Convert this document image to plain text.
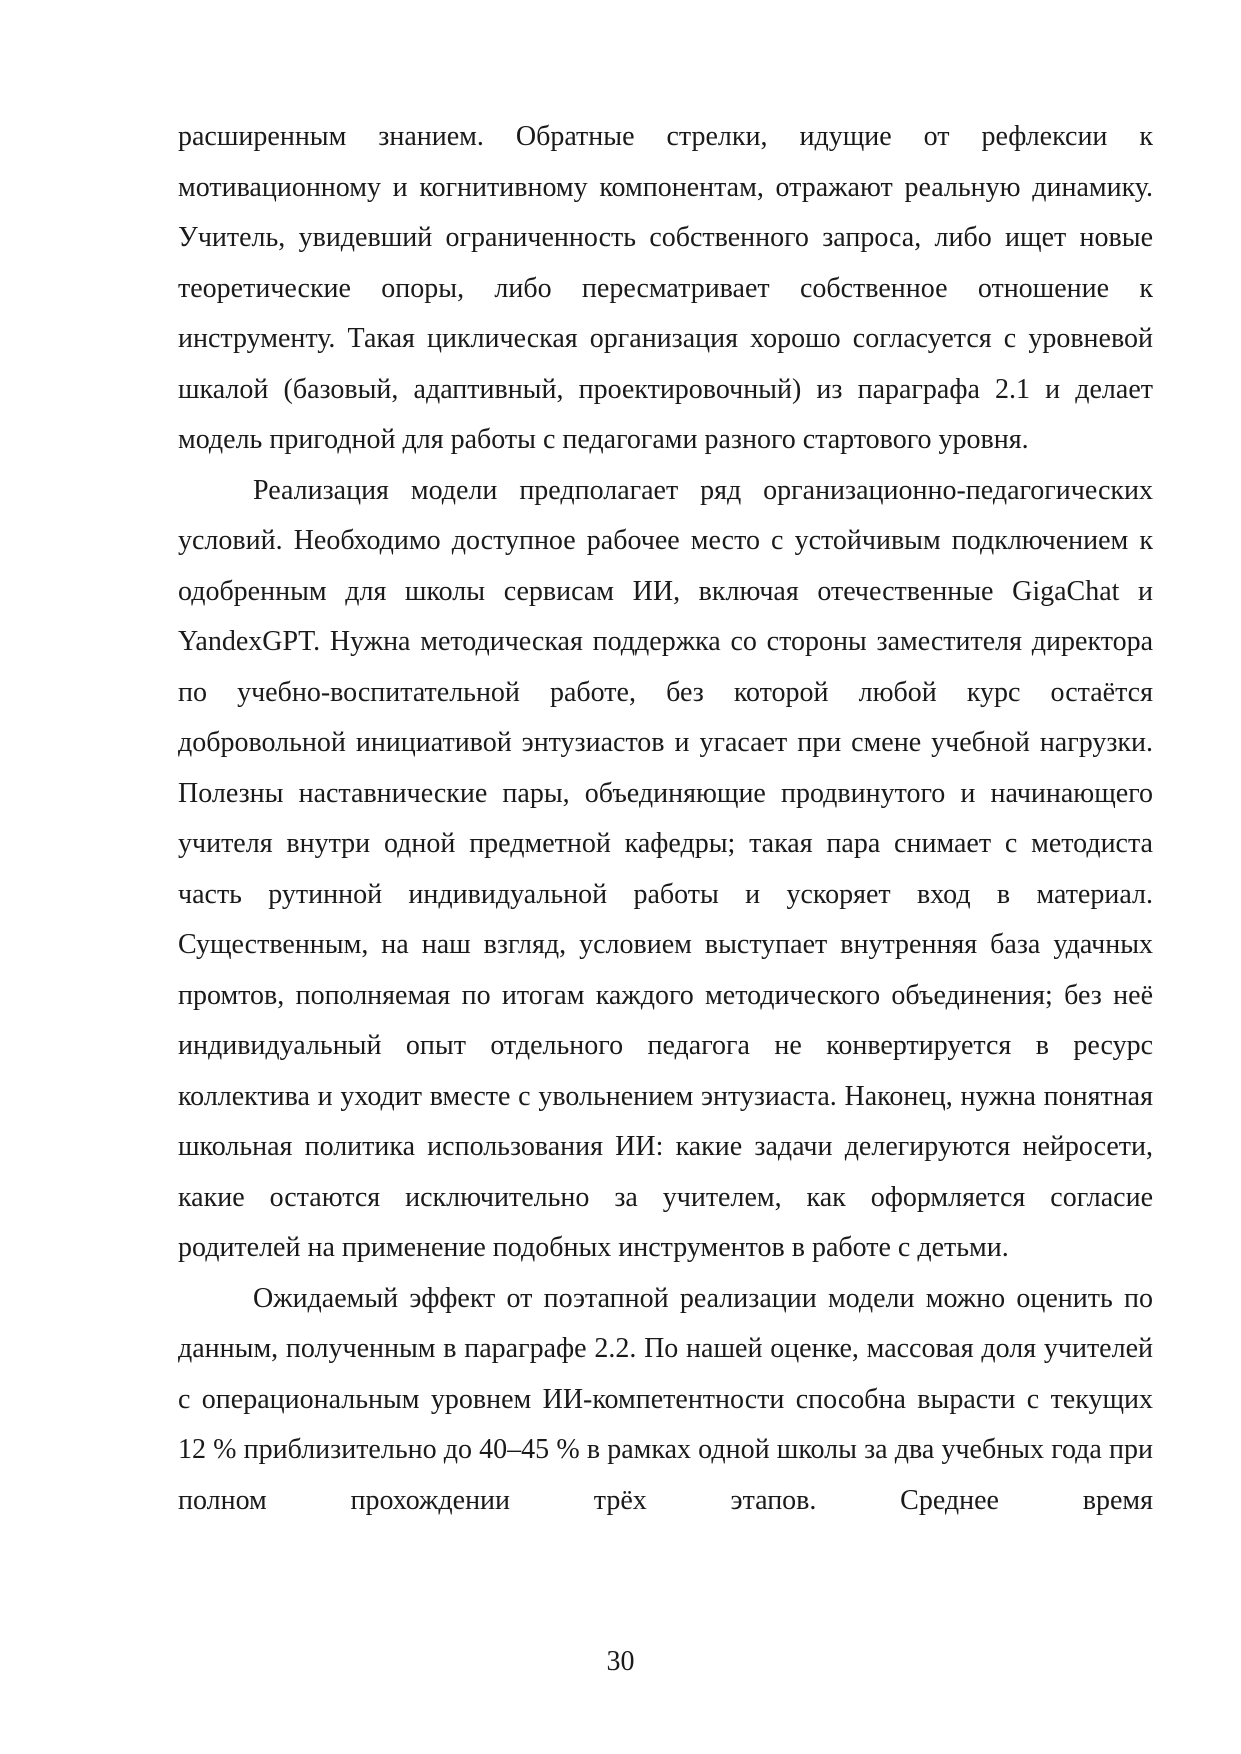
расширенным знанием. Обратные стрелки, идущие от рефлексии к мотивационному и когнитивному компонентам, отражают реальную динамику. Учитель, увидевший ограниченность собственного запроса, либо ищет новые теоретические опоры, либо пересматривает собственное отношение к инструменту. Такая циклическая организация хорошо согласуется с уровневой шкалой (базовый, адаптивный, проектировочный) из параграфа 2.1 и делает модель пригодной для работы с педагогами разного стартового уровня.

Реализация модели предполагает ряд организационно-педагогических условий. Необходимо доступное рабочее место с устойчивым подключением к одобренным для школы сервисам ИИ, включая отечественные GigaChat и YandexGPT. Нужна методическая поддержка со стороны заместителя директора по учебно-воспитательной работе, без которой любой курс остаётся добровольной инициативой энтузиастов и угасает при смене учебной нагрузки. Полезны наставнические пары, объединяющие продвинутого и начинающего учителя внутри одной предметной кафедры; такая пара снимает с методиста часть рутинной индивидуальной работы и ускоряет вход в материал. Существенным, на наш взгляд, условием выступает внутренняя база удачных промтов, пополняемая по итогам каждого методического объединения; без неё индивидуальный опыт отдельного педагога не конвертируется в ресурс коллектива и уходит вместе с увольнением энтузиаста. Наконец, нужна понятная школьная политика использования ИИ: какие задачи делегируются нейросети, какие остаются исключительно за учителем, как оформляется согласие родителей на применение подобных инструментов в работе с детьми.

Ожидаемый эффект от поэтапной реализации модели можно оценить по данным, полученным в параграфе 2.2. По нашей оценке, массовая доля учителей с операциональным уровнем ИИ-компетентности способна вырасти с текущих 12 % приблизительно до 40–45 % в рамках одной школы за два учебных года при полном прохождении трёх этапов. Среднее время

30
